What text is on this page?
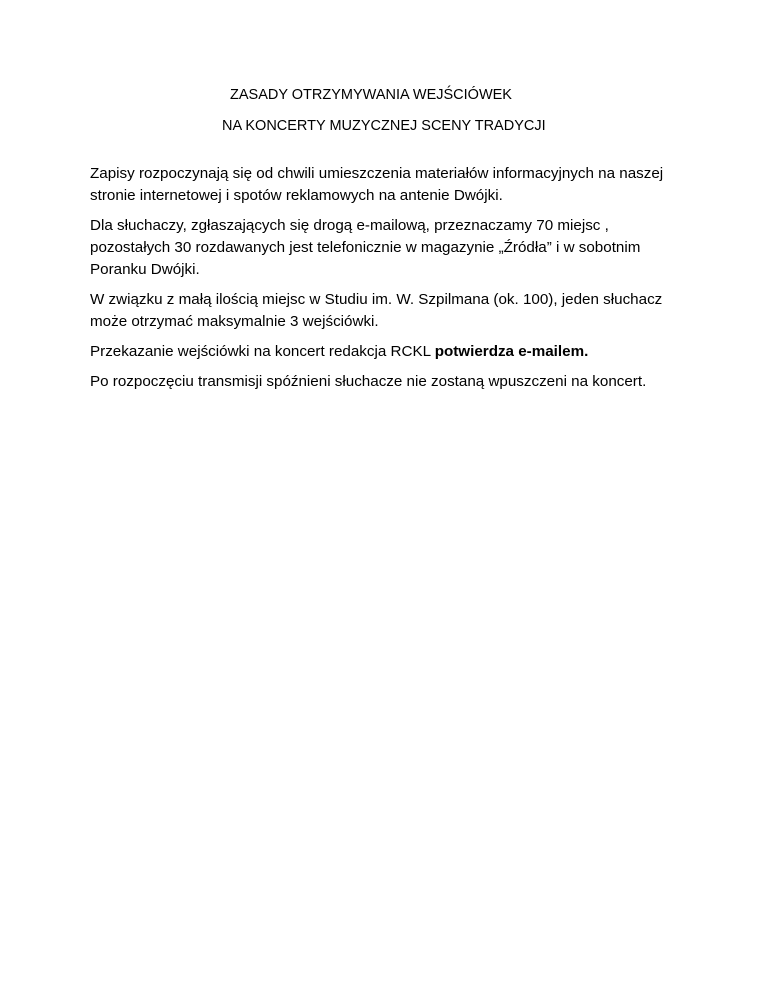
ZASADY OTRZYMYWANIA WEJŚCIÓWEK
NA KONCERTY MUZYCZNEJ SCENY TRADYCJI

Zapisy rozpoczynają się od chwili umieszczenia materiałów informacyjnych na naszej stronie internetowej i spotów reklamowych na antenie Dwójki.

Dla słuchaczy, zgłaszających się drogą e-mailową, przeznaczamy 70 miejsc , pozostałych 30 rozdawanych jest telefonicznie w magazynie „Źródła” i w sobotnim Poranku Dwójki.

W związku z małą ilością miejsc w Studiu im. W. Szpilmana (ok. 100), jeden słuchacz może otrzymać maksymalnie 3 wejściówki.

Przekazanie wejściówki na koncert redakcja RCKL potwierdza e-mailem.

Po rozpoczęciu transmisji spóźnieni słuchacze nie zostaną wpuszczeni na koncert.
